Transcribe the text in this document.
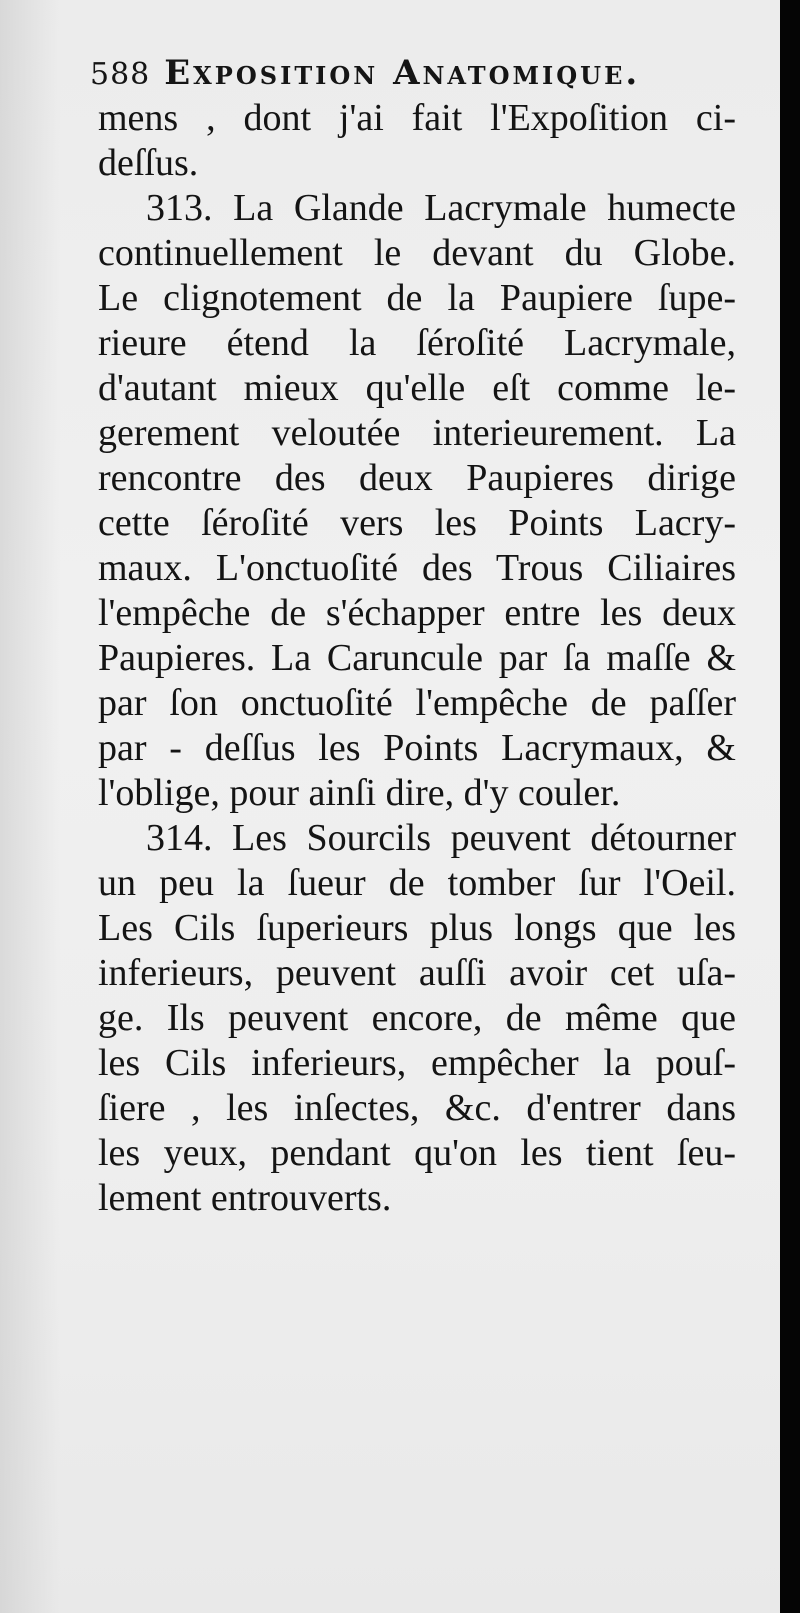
588 Exposition Anatomique.
mens , dont j'ai fait l'Expoſition ci-
deſſus.
313. La Glande Lacrymale humecte
continuellement le devant du Globe.
Le clignotement de la Paupiere ſupe-
rieure étend la ſéroſité Lacrymale,
d'autant mieux qu'elle eſt comme le-
gerement veloutée interieurement. La
rencontre des deux Paupieres dirige
cette ſéroſité vers les Points Lacry-
maux. L'onctuoſité des Trous Ciliaires
l'empêche de s'échapper entre les deux
Paupieres. La Caruncule par ſa maſſe &
par ſon onctuoſité l'empêche de paſſer
par - deſſus les Points Lacrymaux, &
l'oblige, pour ainſi dire, d'y couler.
314. Les Sourcils peuvent détourner
un peu la ſueur de tomber ſur l'Oeil.
Les Cils ſuperieurs plus longs que les
inferieurs, peuvent auſſi avoir cet uſa-
ge. Ils peuvent encore, de même que
les Cils inferieurs, empêcher la pouſ-
ſiere , les inſectes, &c. d'entrer dans
les yeux, pendant qu'on les tient ſeu-
lement entrouverts.
